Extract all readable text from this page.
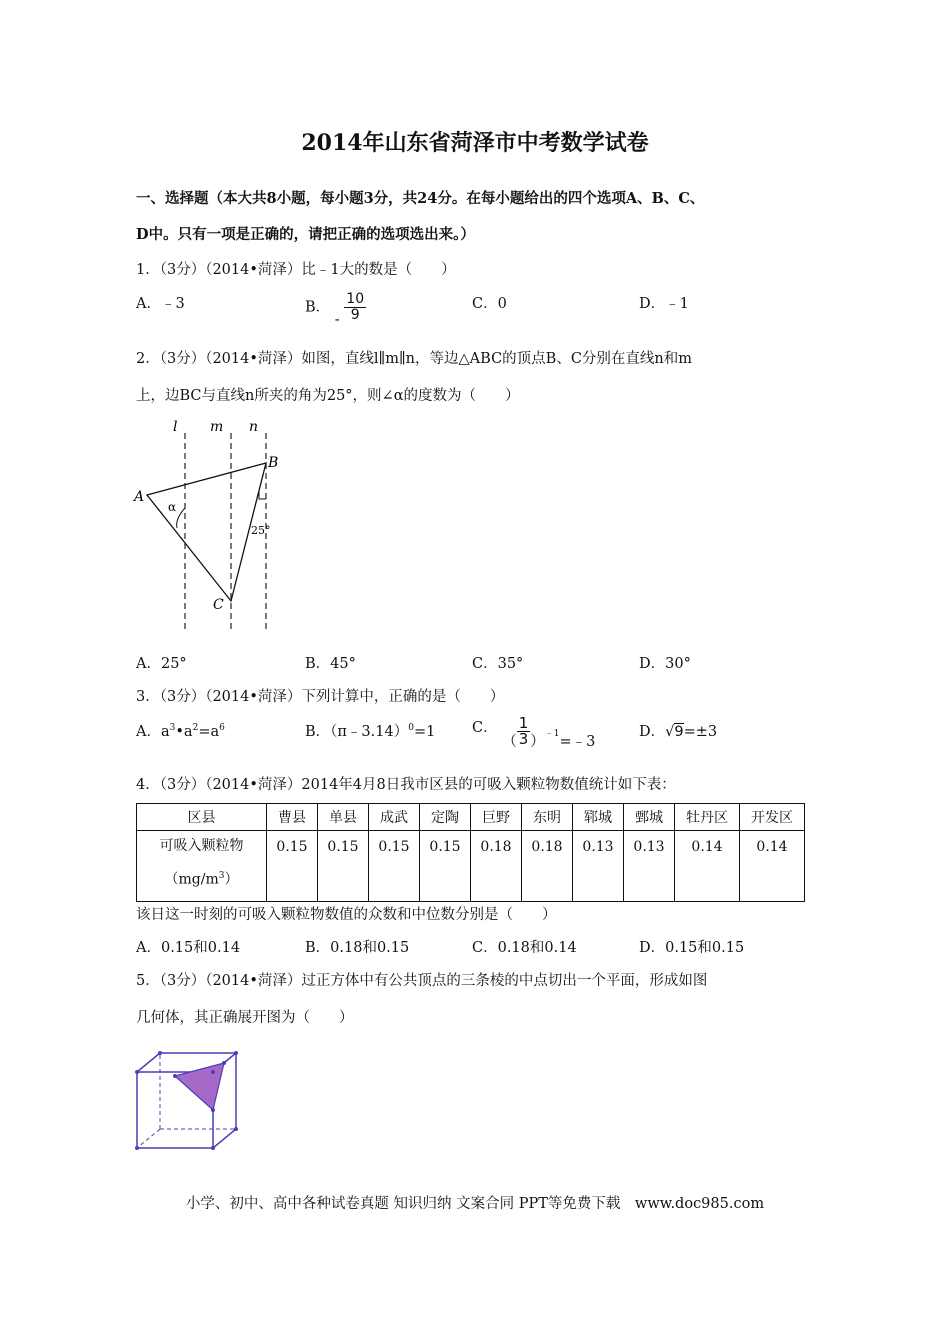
2014年山东省菏泽市中考数学试卷
一、选择题（本大共8小题，每小题3分，共24分。在每小题给出的四个选项A、B、C、
D中。只有一项是正确的，请把正确的选项选出来。）
1．（3分）（2014•菏泽）比﹣1大的数是（　　）
A．﹣3	B． - $\frac{10}{9}$	C．0	D．﹣1
2．（3分）（2014•菏泽）如图，直线l∥m∥n，等边△ABC的顶点B、C分别在直线n和m
上，边BC与直线n所夹的角为25°，则∠α的度数为（　　）
l m n
A
B
C
α
25°
A．25°	B．45°	C．35°	D．30°
3．（3分）（2014•菏泽）下列计算中，正确的是（　　）
A．$a^3•a^2=a^6$	B．（π﹣3.14）$^0$=1	C． （ $\frac{1}{3}$ ）$^{﹣1}$=﹣3
D．√9=±3
4．（3分）（2014•菏泽）2014年4月8日我市区县的可吸入颗粒物数值统计如下表：
区县	曹县	单县	成武	定陶	巨野	东明	郓城	鄄城	牡丹区	开发区

可吸入颗粒物
$(mg/m^3)$	0.15	0.15	0.15	0.15	0.18	0.18	0.13	0.13	0.14	0.14
该日这一时刻的可吸入颗粒物数值的众数和中位数分别是（　　）
A．0.15和0.14	B．0.18和0.15	C．0.18和0.14	D．0.15和0.15
5．（3分）（2014•菏泽）过正方体中有公共顶点的三条棱的中点切出一个平面，形成如图
几何体，其正确展开图为（　　）
小学、初中、高中各种试卷真题 知识归纳 文案合同 PPT等免费下载　www.doc985.com
